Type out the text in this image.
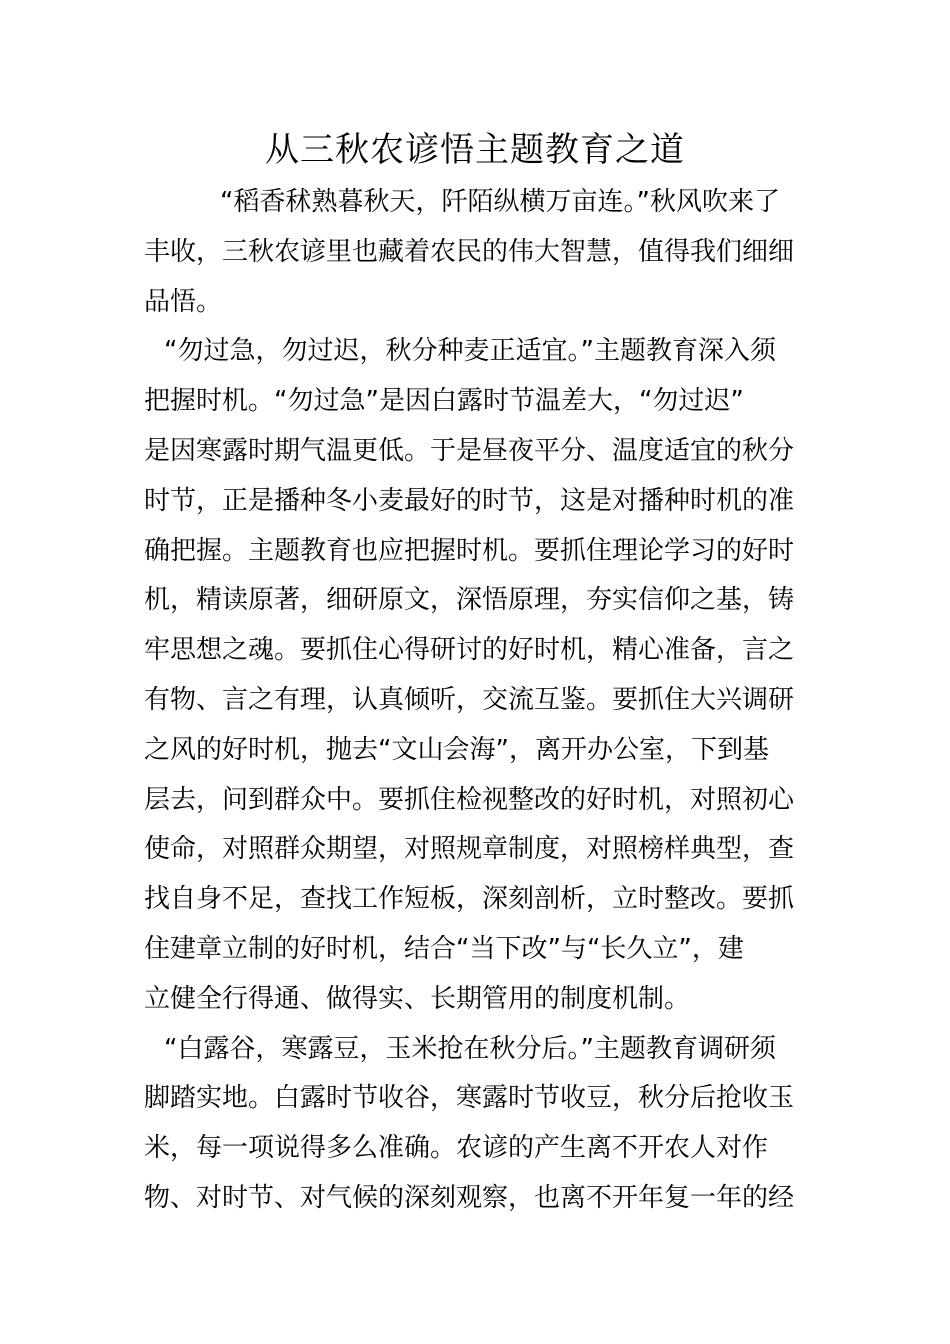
从三秋农谚悟主题教育之道
“稻香秫熟暮秋天，阡陌纵横万亩连。”秋风吹来了
丰收，三秋农谚里也藏着农民的伟大智慧，值得我们细细
品悟。
“勿过急，勿过迟，秋分种麦正适宜。”主题教育深入须
把握时机。“勿过急”是因白露时节温差大，“勿过迟”
是因寒露时期气温更低。于是昼夜平分、温度适宜的秋分
时节，正是播种冬小麦最好的时节，这是对播种时机的准
确把握。主题教育也应把握时机。要抓住理论学习的好时
机，精读原著，细研原文，深悟原理，夯实信仰之基，铸
牢思想之魂。要抓住心得研讨的好时机，精心准备，言之
有物、言之有理，认真倾听，交流互鉴。要抓住大兴调研
之风的好时机，抛去“文山会海”，离开办公室，下到基
层去，问到群众中。要抓住检视整改的好时机，对照初心
使命，对照群众期望，对照规章制度，对照榜样典型，查
找自身不足，查找工作短板，深刻剖析，立时整改。要抓
住建章立制的好时机，结合“当下改”与“长久立”，建
立健全行得通、做得实、长期管用的制度机制。
“白露谷，寒露豆，玉米抢在秋分后。”主题教育调研须
脚踏实地。白露时节收谷，寒露时节收豆，秋分后抢收玉
米，每一项说得多么准确。农谚的产生离不开农人对作
物、对时节、对气候的深刻观察，也离不开年复一年的经
